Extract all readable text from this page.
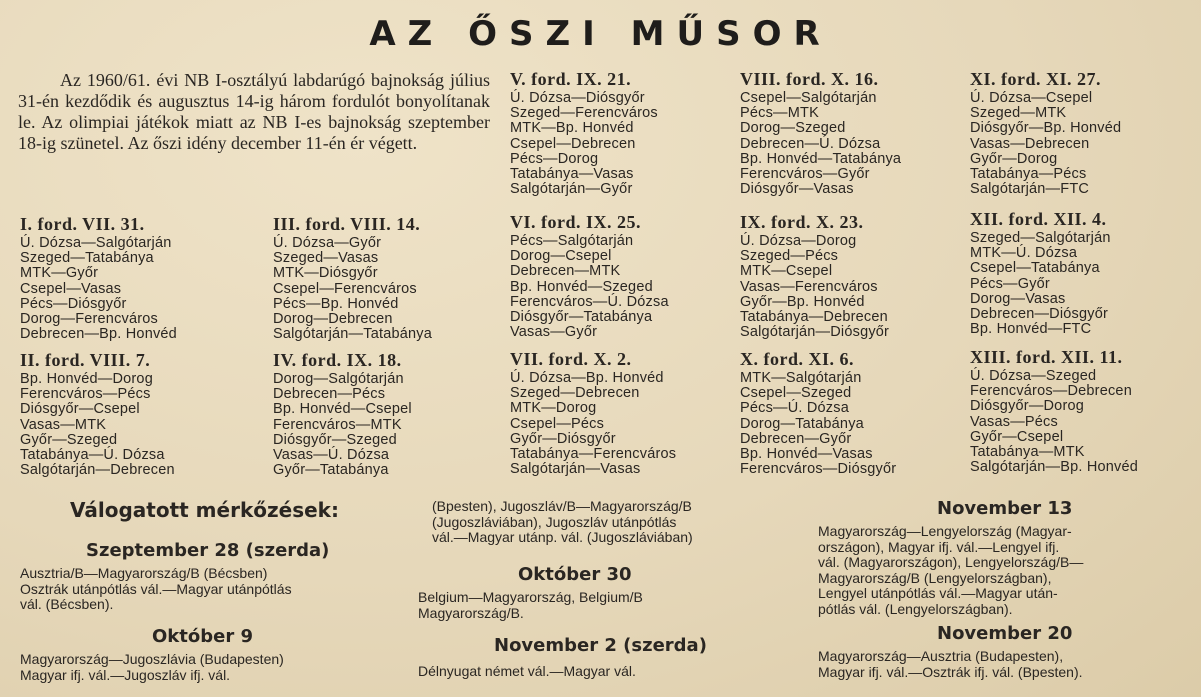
AZ ŐSZI MŰSOR
Az 1960/61. évi NB I-osztályú labdarúgó bajnokság július 31-én kezdődik és augusztus 14-ig három fordulót bonyolítanak le. Az olimpiai játékok miatt az NB I-es bajnokság szeptember 18-ig szünetel. Az őszi idény december 11-én ér végett.
I. ford. VII. 31.
Ú. Dózsa—Salgótarján
Szeged—Tatabánya
MTK—Győr
Csepel—Vasas
Pécs—Diósgyőr
Dorog—Ferencváros
Debrecen—Bp. Honvéd
II. ford. VIII. 7.
Bp. Honvéd—Dorog
Ferencváros—Pécs
Diósgyőr—Csepel
Vasas—MTK
Győr—Szeged
Tatabánya—Ú. Dózsa
Salgótarján—Debrecen
III. ford. VIII. 14.
Ú. Dózsa—Győr
Szeged—Vasas
MTK—Diósgyőr
Csepel—Ferencváros
Pécs—Bp. Honvéd
Dorog—Debrecen
Salgótarján—Tatabánya
IV. ford. IX. 18.
Dorog—Salgótarján
Debrecen—Pécs
Bp. Honvéd—Csepel
Ferencváros—MTK
Diósgyőr—Szeged
Vasas—Ú. Dózsa
Győr—Tatabánya
V. ford. IX. 21.
Ú. Dózsa—Diósgyőr
Szeged—Ferencváros
MTK—Bp. Honvéd
Csepel—Debrecen
Pécs—Dorog
Tatabánya—Vasas
Salgótarján—Győr
VI. ford. IX. 25.
Pécs—Salgótarján
Dorog—Csepel
Debrecen—MTK
Bp. Honvéd—Szeged
Ferencváros—Ú. Dózsa
Diósgyőr—Tatabánya
Vasas—Győr
VII. ford. X. 2.
Ú. Dózsa—Bp. Honvéd
Szeged—Debrecen
MTK—Dorog
Csepel—Pécs
Győr—Diósgyőr
Tatabánya—Ferencváros
Salgótarján—Vasas
VIII. ford. X. 16.
Csepel—Salgótarján
Pécs—MTK
Dorog—Szeged
Debrecen—Ú. Dózsa
Bp. Honvéd—Tatabánya
Ferencváros—Győr
Diósgyőr—Vasas
IX. ford. X. 23.
Ú. Dózsa—Dorog
Szeged—Pécs
MTK—Csepel
Vasas—Ferencváros
Győr—Bp. Honvéd
Tatabánya—Debrecen
Salgótarján—Diósgyőr
X. ford. XI. 6.
MTK—Salgótarján
Csepel—Szeged
Pécs—Ú. Dózsa
Dorog—Tatabánya
Debrecen—Győr
Bp. Honvéd—Vasas
Ferencváros—Diósgyőr
XI. ford. XI. 27.
Ú. Dózsa—Csepel
Szeged—MTK
Diósgyőr—Bp. Honvéd
Vasas—Debrecen
Győr—Dorog
Tatabánya—Pécs
Salgótarján—FTC
XII. ford. XII. 4.
Szeged—Salgótarján
MTK—Ú. Dózsa
Csepel—Tatabánya
Pécs—Győr
Dorog—Vasas
Debrecen—Diósgyőr
Bp. Honvéd—FTC
XIII. ford. XII. 11.
Ú. Dózsa—Szeged
Ferencváros—Debrecen
Diósgyőr—Dorog
Vasas—Pécs
Győr—Csepel
Tatabánya—MTK
Salgótarján—Bp. Honvéd
Válogatott mérkőzések:
Szeptember 28 (szerda)
Ausztria/B—Magyarország/B (Bécsben)
Osztrák utánpótlás vál.—Magyar utánpótlás
vál. (Bécsben).
Október 9
Magyarország—Jugoszlávia (Budapesten)
Magyar ifj. vál.—Jugoszláv ifj. vál.
(Bpesten), Jugoszláv/B—Magyarország/B
(Jugoszláviában), Jugoszláv utánpótlás
vál.—Magyar utánp. vál. (Jugoszláviában)
Október 30
Belgium—Magyarország, Belgium/B
Magyarország/B.
November 2 (szerda)
Délnyugat német vál.—Magyar vál.
November 13
Magyarország—Lengyelország (Magyar-
országon), Magyar ifj. vál.—Lengyel ifj.
vál. (Magyarországon), Lengyelország/B—
Magyarország/B (Lengyelországban),
Lengyel utánpótlás vál.—Magyar után-
pótlás vál. (Lengyelországban).
November 20
Magyarország—Ausztria (Budapesten),
Magyar ifj. vál.—Osztrák ifj. vál. (Bpesten).
